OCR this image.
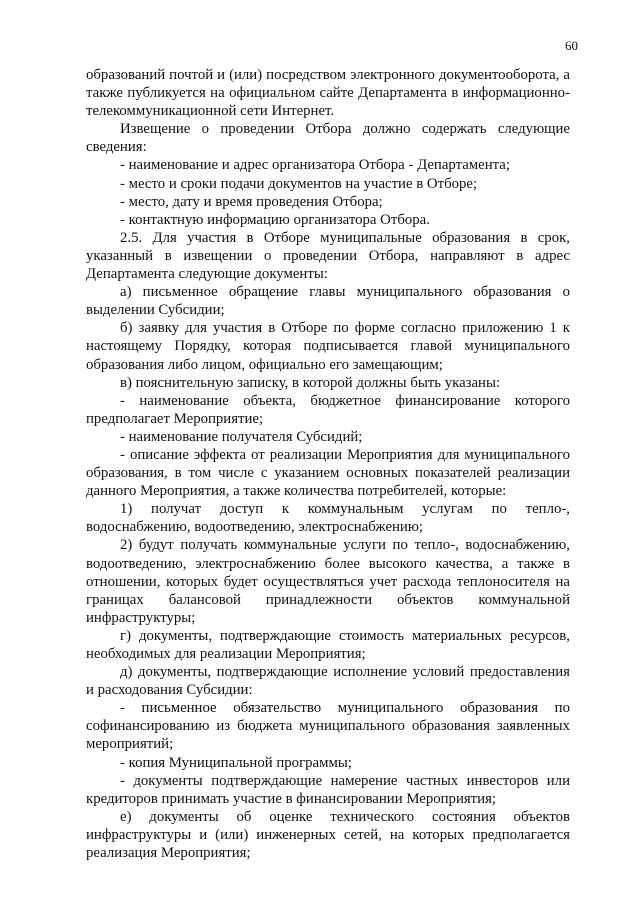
60

образований почтой и (или) посредством электронного документооборота, а также публикуется на официальном сайте Департамента в информационно-телекоммуникационной сети Интернет.

Извещение о проведении Отбора должно содержать следующие сведения:

- наименование и адрес организатора Отбора - Департамента;

- место и сроки подачи документов на участие в Отборе;

- место, дату и время проведения Отбора;

- контактную информацию организатора Отбора.

2.5. Для участия в Отборе муниципальные образования в срок, указанный в извещении о проведении Отбора, направляют в адрес Департамента следующие документы:

а) письменное обращение главы муниципального образования о выделении Субсидии;

б) заявку для участия в Отборе по форме согласно приложению 1 к настоящему Порядку, которая подписывается главой муниципального образования либо лицом, официально его замещающим;

в) пояснительную записку, в которой должны быть указаны:

- наименование объекта, бюджетное финансирование которого предполагает Мероприятие;

- наименование получателя Субсидий;

- описание эффекта от реализации Мероприятия для муниципального образования, в том числе с указанием основных показателей реализации данного Мероприятия, а также количества потребителей, которые:

1) получат доступ к коммунальным услугам по тепло-, водоснабжению, водоотведению, электроснабжению;

2) будут получать коммунальные услуги по тепло-, водоснабжению, водоотведению, электроснабжению более высокого качества, а также в отношении, которых будет осуществляться учет расхода теплоносителя на границах балансовой принадлежности объектов коммунальной инфраструктуры;

г) документы, подтверждающие стоимость материальных ресурсов, необходимых для реализации Мероприятия;

д) документы, подтверждающие исполнение условий предоставления и расходования Субсидии:

- письменное обязательство муниципального образования по софинансированию из бюджета муниципального образования заявленных мероприятий;

- копия Муниципальной программы;

- документы подтверждающие намерение частных инвесторов или кредиторов принимать участие в финансировании Мероприятия;

е) документы об оценке технического состояния объектов инфраструктуры и (или) инженерных сетей, на которых предполагается реализация Мероприятия;
